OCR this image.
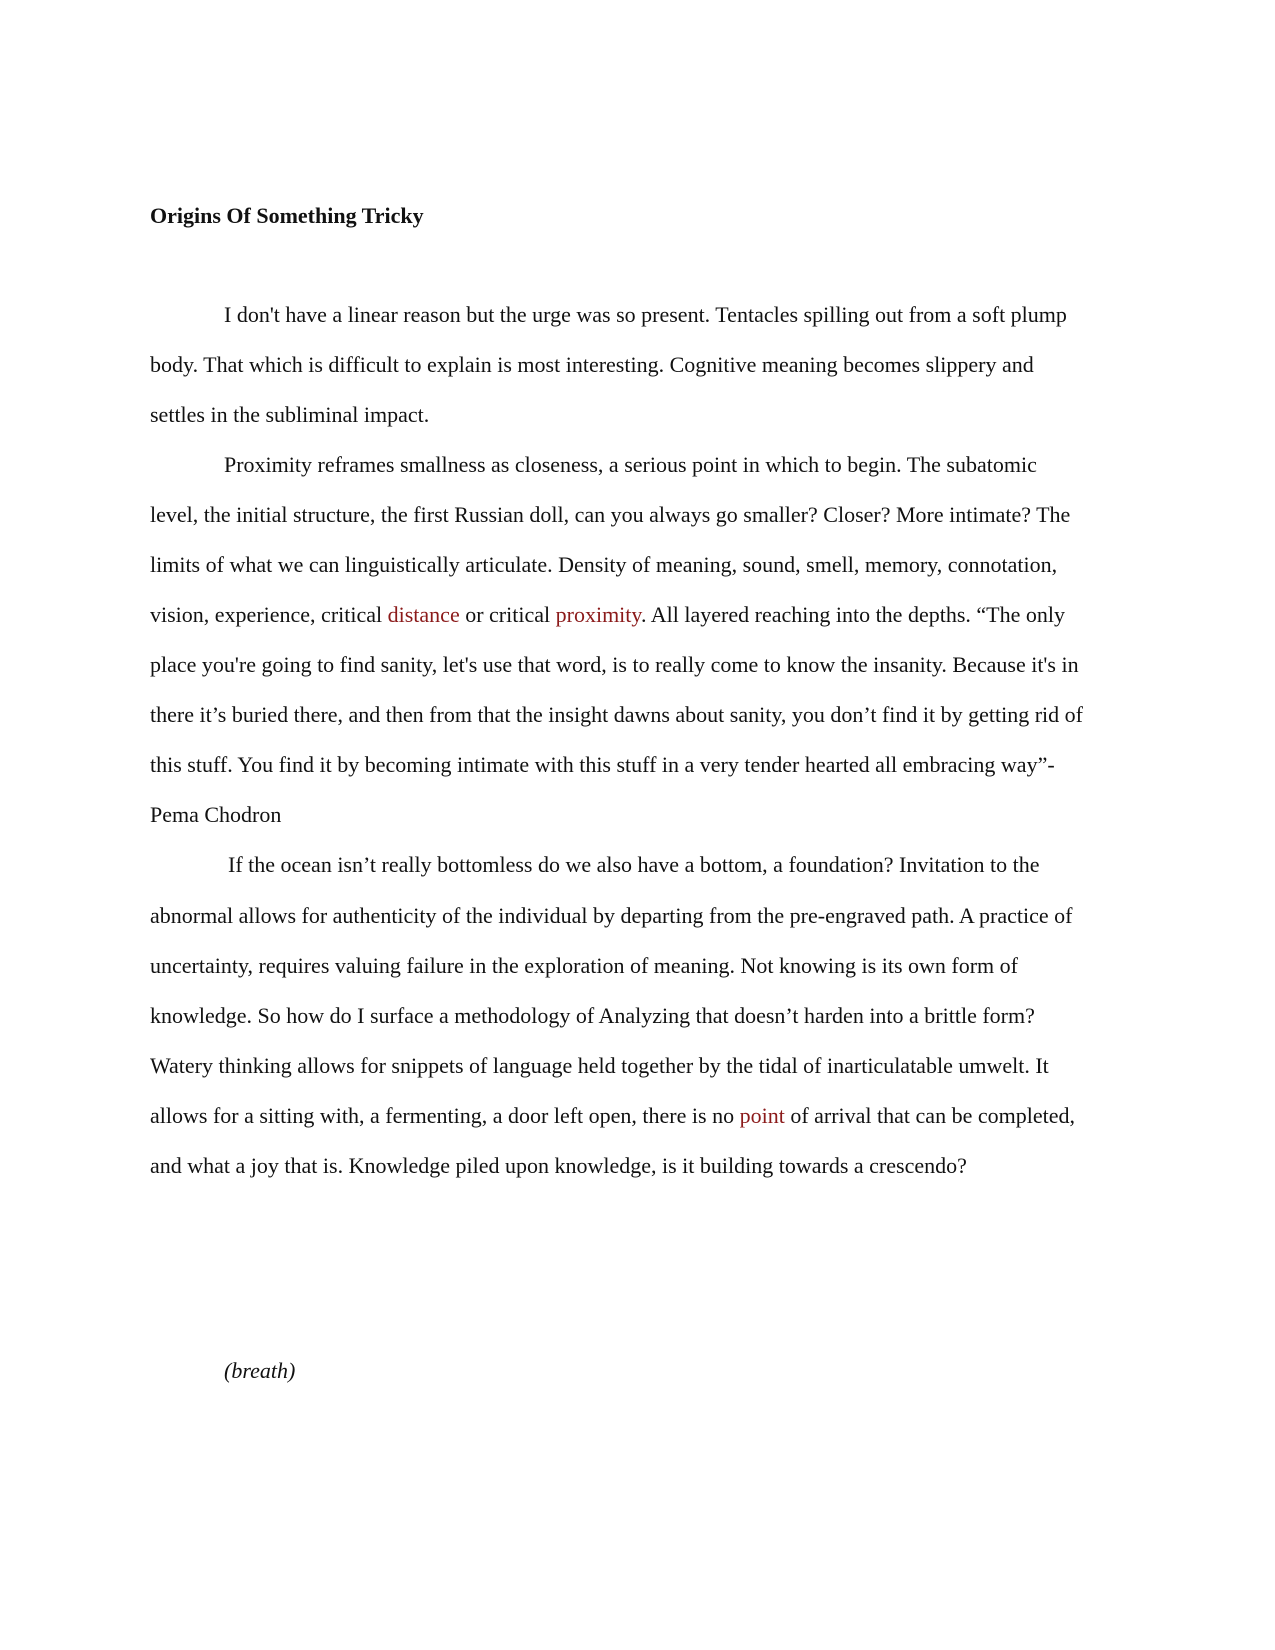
Origins Of Something Tricky
I don't have a linear reason but the urge was so present. Tentacles spilling out from a soft plump
body. That which is difficult to explain is most interesting. Cognitive meaning becomes slippery and
settles in the subliminal impact.
Proximity reframes smallness as closeness, a serious point in which to begin. The subatomic
level, the initial structure, the first Russian doll, can you always go smaller? Closer? More intimate? The
limits of what we can linguistically articulate. Density of meaning, sound, smell, memory, connotation,
vision, experience, critical distance or critical proximity. All layered reaching into the depths. “The only
place you're going to find sanity, let's use that word, is to really come to know the insanity. Because it's in
there it’s buried there, and then from that the insight dawns about sanity, you don’t find it by getting rid of
this stuff. You find it by becoming intimate with this stuff in a very tender hearted all embracing way”-
Pema Chodron
If the ocean isn’t really bottomless do we also have a bottom, a foundation? Invitation to the
abnormal allows for authenticity of the individual by departing from the pre-engraved path. A practice of
uncertainty, requires valuing failure in the exploration of meaning. Not knowing is its own form of
knowledge. So how do I surface a methodology of Analyzing that doesn’t harden into a brittle form?
Watery thinking allows for snippets of language held together by the tidal of inarticulatable umwelt. It
allows for a sitting with, a fermenting, a door left open, there is no point of arrival that can be completed,
and what a joy that is. Knowledge piled upon knowledge, is it building towards a crescendo?
(breath)
